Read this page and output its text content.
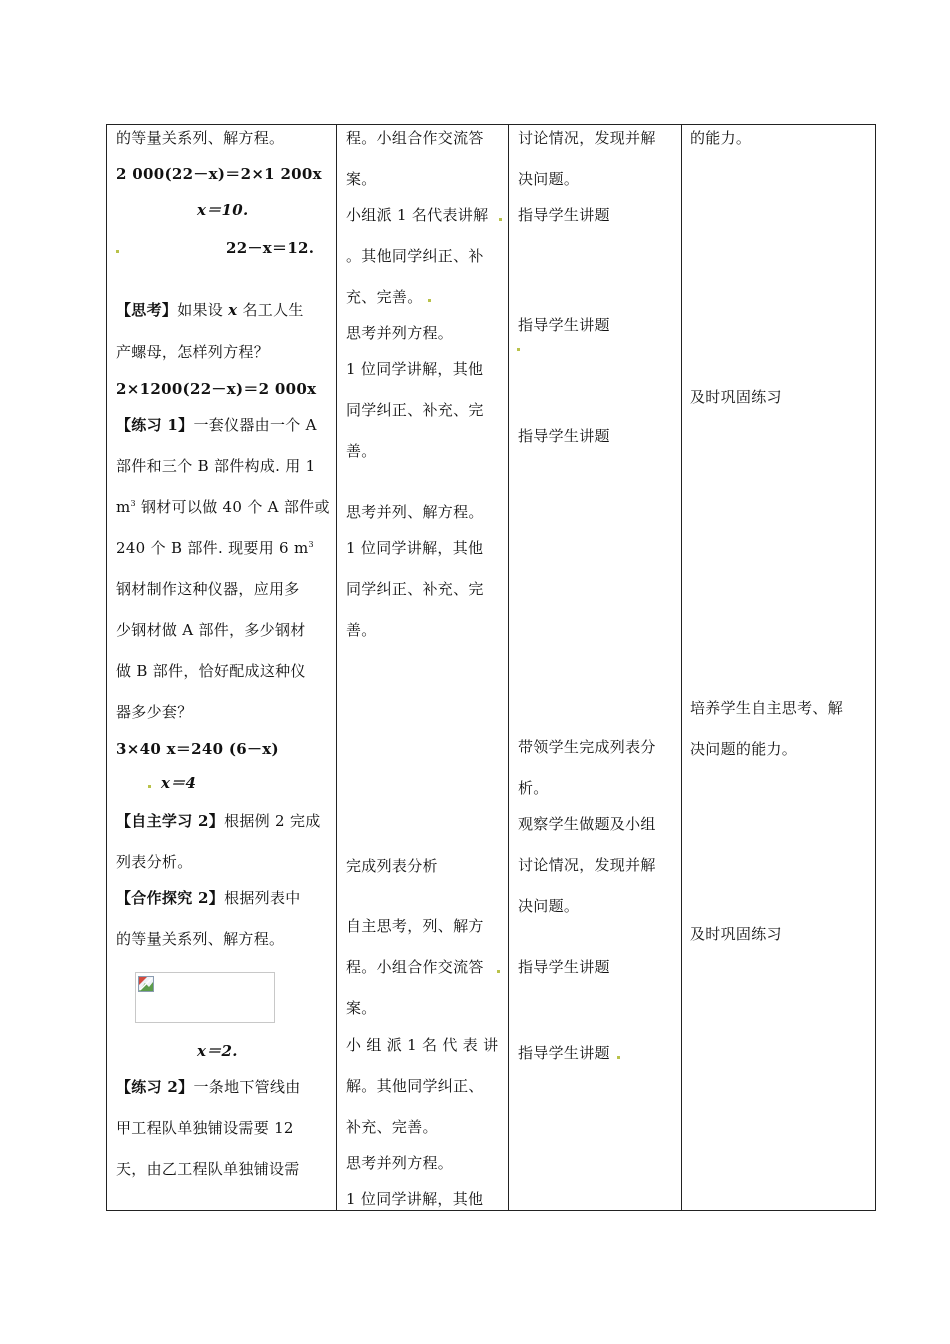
的等量关系列、解方程。
2 000(22－x)＝2×1 200x
x＝10.
22－x＝12.
【思考】如果设 x 名工人生
产螺母，怎样列方程？
2×1200(22－x)＝2 000x
【练习 1】一套仪器由一个 A
部件和三个 B 部件构成. 用 1
$m^3$ 钢材可以做 40 个 A 部件或
240 个 B 部件. 现要用 6 $m^3$
钢材制作这种仪器，应用多
少钢材做 A 部件，多少钢材
做 B 部件，恰好配成这种仪
器多少套？
3×40 x＝240 (6－x)
x＝4
【自主学习 2】根据例 2 完成
列表分析。
【合作探究 2】根据列表中
的等量关系列、解方程。
x＝2.
【练习 2】一条地下管线由
甲工程队单独铺设需要 12
天，由乙工程队单独铺设需
程。小组合作交流答
案。
小组派 1 名代表讲解
。其他同学纠正、补
充、完善。
思考并列方程。
1 位同学讲解，其他
同学纠正、补充、完
善。
思考并列、解方程。
1 位同学讲解，其他
同学纠正、补充、完
善。
完成列表分析
自主思考，列、解方
程。小组合作交流答
案。
小 组 派 1 名 代 表 讲
解。其他同学纠正、
补充、完善。
思考并列方程。
1 位同学讲解，其他
讨论情况，发现并解
决问题。
指导学生讲题
指导学生讲题
指导学生讲题
带领学生完成列表分
析。
观察学生做题及小组
讨论情况，发现并解
决问题。
指导学生讲题
指导学生讲题
的能力。
及时巩固练习
培养学生自主思考、解
决问题的能力。
及时巩固练习
